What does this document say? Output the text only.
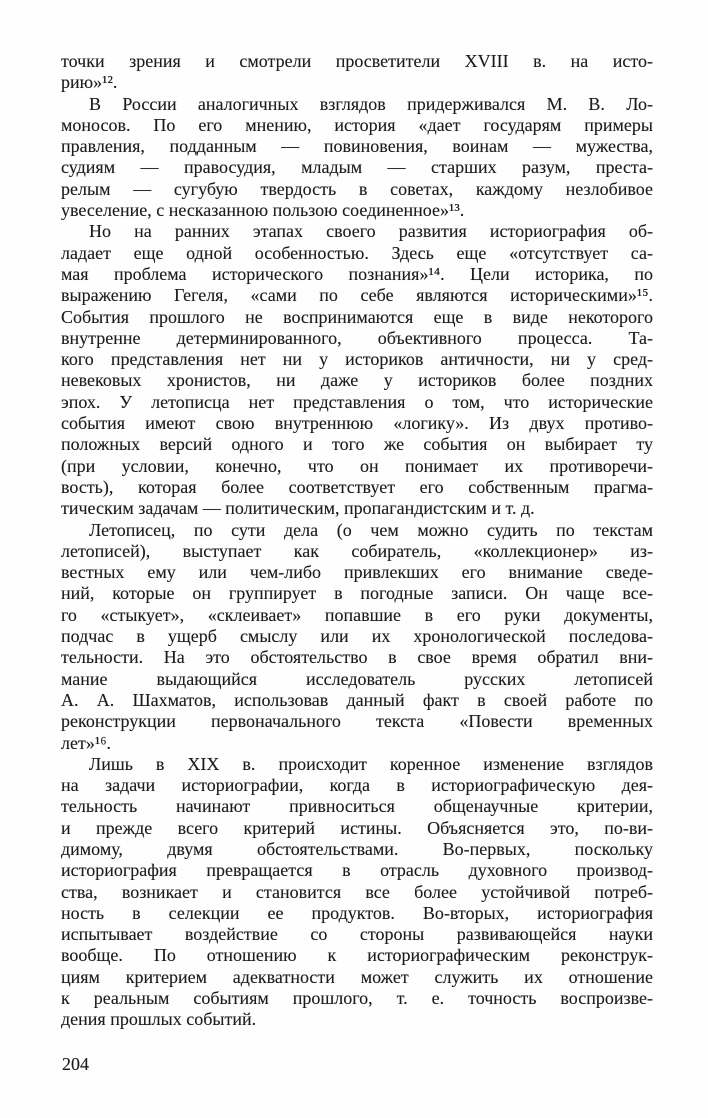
точки зрения и смотрели просветители XVIII в. на исто-
рию»¹².
В России аналогичных взглядов придерживался М. В. Ло-
моносов. По его мнению, история «дает государям примеры
правления, подданным — повиновения, воинам — мужества,
судиям — правосудия, младым — старших разум, преста-
релым — сугубую твердость в советах, каждому незлобивое
увеселение, с несказанною пользою соединенное»¹³.
Но на ранних этапах своего развития историография об-
ладает еще одной особенностью. Здесь еще «отсутствует са-
мая проблема исторического познания»¹⁴. Цели историка, по
выражению Гегеля, «сами по себе являются историческими»¹⁵.
События прошлого не воспринимаются еще в виде некоторого
внутренне детерминированного, объективного процесса. Та-
кого представления нет ни у историков античности, ни у сред-
невековых хронистов, ни даже у историков более поздних
эпох. У летописца нет представления о том, что исторические
события имеют свою внутреннюю «логику». Из двух противо-
положных версий одного и того же события он выбирает ту
(при условии, конечно, что он понимает их противоречи-
вость), которая более соответствует его собственным прагма-
тическим задачам — политическим, пропагандистским и т. д.
Летописец, по сути дела (о чем можно судить по текстам
летописей), выступает как собиратель, «коллекционер» из-
вестных ему или чем-либо привлекших его внимание сведе-
ний, которые он группирует в погодные записи. Он чаще все-
го «стыкует», «склеивает» попавшие в его руки документы,
подчас в ущерб смыслу или их хронологической последова-
тельности. На это обстоятельство в свое время обратил вни-
мание выдающийся исследователь русских летописей
А. А. Шахматов, использовав данный факт в своей работе по
реконструкции первоначального текста «Повести временных
лет»¹⁶.
Лишь в XIX в. происходит коренное изменение взглядов
на задачи историографии, когда в историографическую дея-
тельность начинают привноситься общенаучные критерии,
и прежде всего критерий истины. Объясняется это, по-ви-
димому, двумя обстоятельствами. Во-первых, поскольку
историография превращается в отрасль духовного производ-
ства, возникает и становится все более устойчивой потреб-
ность в селекции ее продуктов. Во-вторых, историография
испытывает воздействие со стороны развивающейся науки
вообще. По отношению к историографическим реконструк-
циям критерием адекватности может служить их отношение
к реальным событиям прошлого, т. е. точность воспроизве-
дения прошлых событий.
204
